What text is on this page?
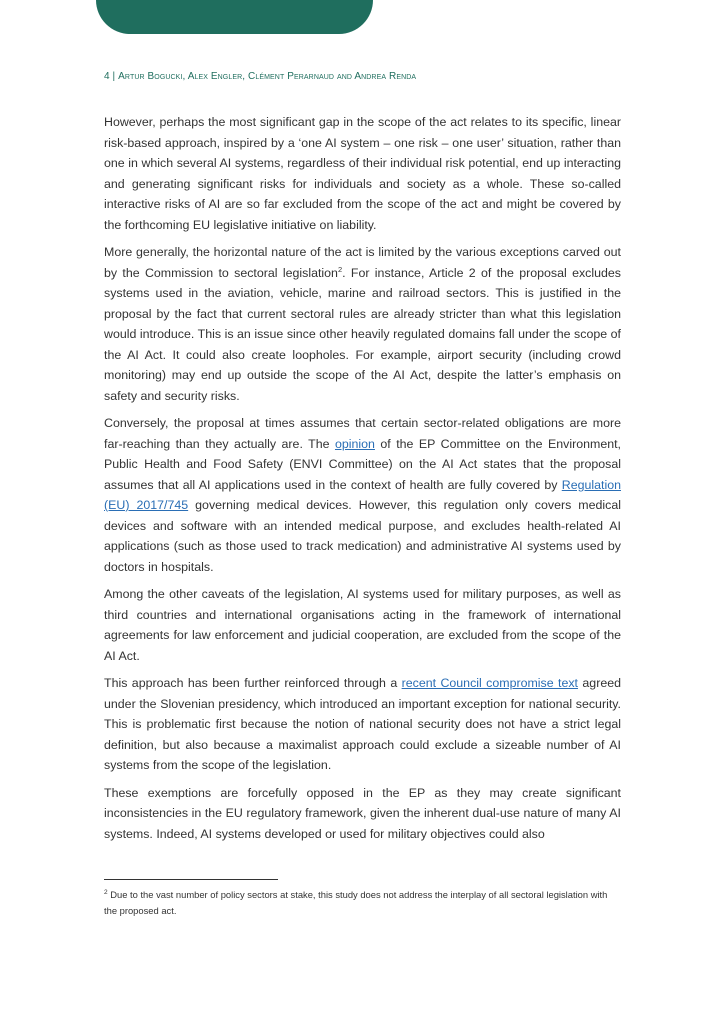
4 | Artur Bogucki, Alex Engler, Clément Perarnaud and Andrea Renda

However, perhaps the most significant gap in the scope of the act relates to its specific, linear risk-based approach, inspired by a ‘one AI system – one risk – one user’ situation, rather than one in which several AI systems, regardless of their individual risk potential, end up interacting and generating significant risks for individuals and society as a whole. These so-called interactive risks of AI are so far excluded from the scope of the act and might be covered by the forthcoming EU legislative initiative on liability.

More generally, the horizontal nature of the act is limited by the various exceptions carved out by the Commission to sectoral legislation$^2$. For instance, Article 2 of the proposal excludes systems used in the aviation, vehicle, marine and railroad sectors. This is justified in the proposal by the fact that current sectoral rules are already stricter than what this legislation would introduce. This is an issue since other heavily regulated domains fall under the scope of the AI Act. It could also create loopholes. For example, airport security (including crowd monitoring) may end up outside the scope of the AI Act, despite the latter’s emphasis on safety and security risks.

Conversely, the proposal at times assumes that certain sector-related obligations are more far-reaching than they actually are. The opinion of the EP Committee on the Environment, Public Health and Food Safety (ENVI Committee) on the AI Act states that the proposal assumes that all AI applications used in the context of health are fully covered by Regulation (EU) 2017/745 governing medical devices. However, this regulation only covers medical devices and software with an intended medical purpose, and excludes health-related AI applications (such as those used to track medication) and administrative AI systems used by doctors in hospitals.

Among the other caveats of the legislation, AI systems used for military purposes, as well as third countries and international organisations acting in the framework of international agreements for law enforcement and judicial cooperation, are excluded from the scope of the AI Act.

This approach has been further reinforced through a recent Council compromise text agreed under the Slovenian presidency, which introduced an important exception for national security. This is problematic first because the notion of national security does not have a strict legal definition, but also because a maximalist approach could exclude a sizeable number of AI systems from the scope of the legislation.

These exemptions are forcefully opposed in the EP as they may create significant inconsistencies in the EU regulatory framework, given the inherent dual-use nature of many AI systems. Indeed, AI systems developed or used for military objectives could also

$^2$ Due to the vast number of policy sectors at stake, this study does not address the interplay of all sectoral legislation with the proposed act.
